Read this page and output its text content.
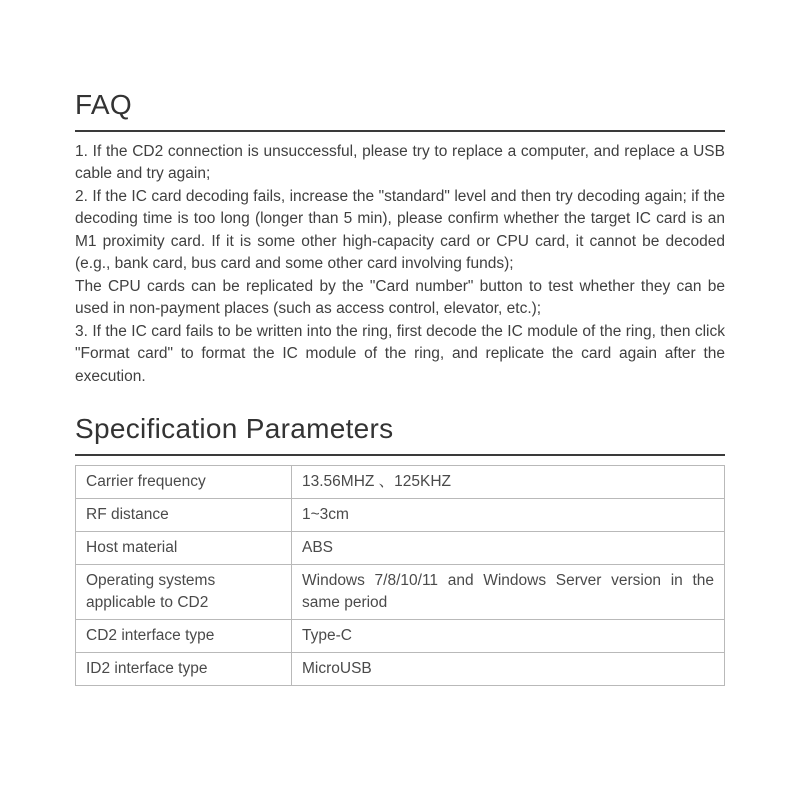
FAQ

1. If the CD2 connection is unsuccessful, please try to replace a computer, and replace a USB cable and try again;

2. If the IC card decoding fails, increase the "standard" level and then try decoding again; if the decoding time is too long (longer than 5 min), please confirm whether the target IC card is an M1 proximity card. If it is some other high-capacity card or CPU card, it cannot be decoded (e.g., bank card, bus card and some other card involving funds);

The CPU cards can be replicated by the "Card number" button to test whether they can be used in non-payment places (such as access control, elevator, etc.);

3. If the IC card fails to be written into the ring, first decode the IC module of the ring, then click "Format card" to format the IC module of the ring, and replicate the card again after the execution.

Specification Parameters
Carrier frequency	13.56MHZ 、125KHZ
RF distance	1~3cm
Host material	ABS
Operating systems applicable to CD2	Windows 7/8/10/11 and Windows Server version in the same period
CD2 interface type	Type-C
ID2 interface type	MicroUSB
